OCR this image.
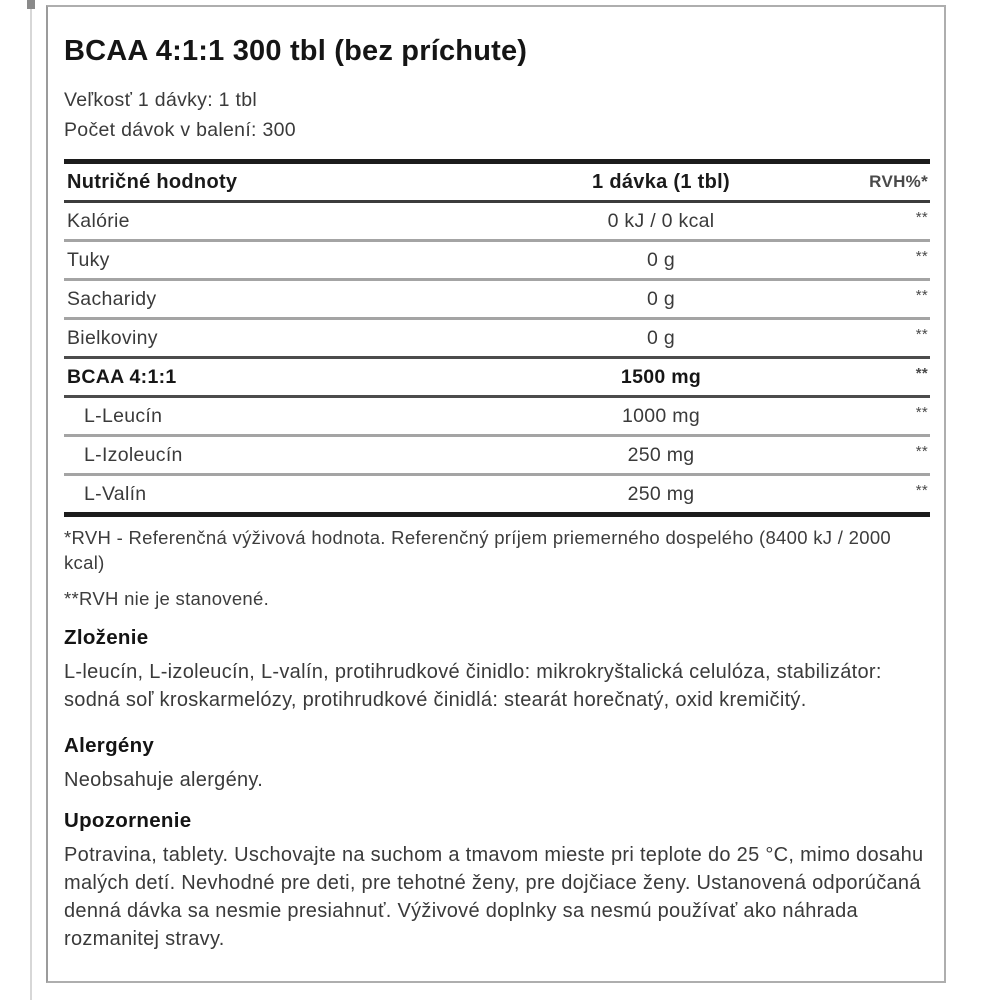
BCAA 4:1:1 300 tbl (bez príchute)
Veľkosť 1 dávky: 1 tbl
Počet dávok v balení: 300
Nutričné hodnoty	1 dávka (1 tbl)	RVH%*
Kalórie	0 kJ / 0 kcal	**
Tuky	0 g	**
Sacharidy	0 g	**
Bielkoviny	0 g	**
BCAA 4:1:1	1500 mg	**
L-Leucín	1000 mg	**
L-Izoleucín	250 mg	**
L-Valín	250 mg	**

*RVH - Referenčná výživová hodnota. Referenčný príjem priemerného dospelého (8400 kJ / 2000 kcal)

**RVH nie je stanovené.

Zloženie

L-leucín, L-izoleucín, L-valín, protihrudkové činidlo: mikrokryštalická celulóza, stabilizátor: sodná soľ kroskarmelózy, protihrudkové činidlá: stearát horečnatý, oxid kremičitý.

Alergény

Neobsahuje alergény.

Upozornenie

Potravina, tablety. Uschovajte na suchom a tmavom mieste pri teplote do 25 °C, mimo dosahu malých detí. Nevhodné pre deti, pre tehotné ženy, pre dojčiace ženy. Ustanovená odporúčaná denná dávka sa nesmie presiahnuť. Výživové doplnky sa nesmú používať ako náhrada rozmanitej stravy.
